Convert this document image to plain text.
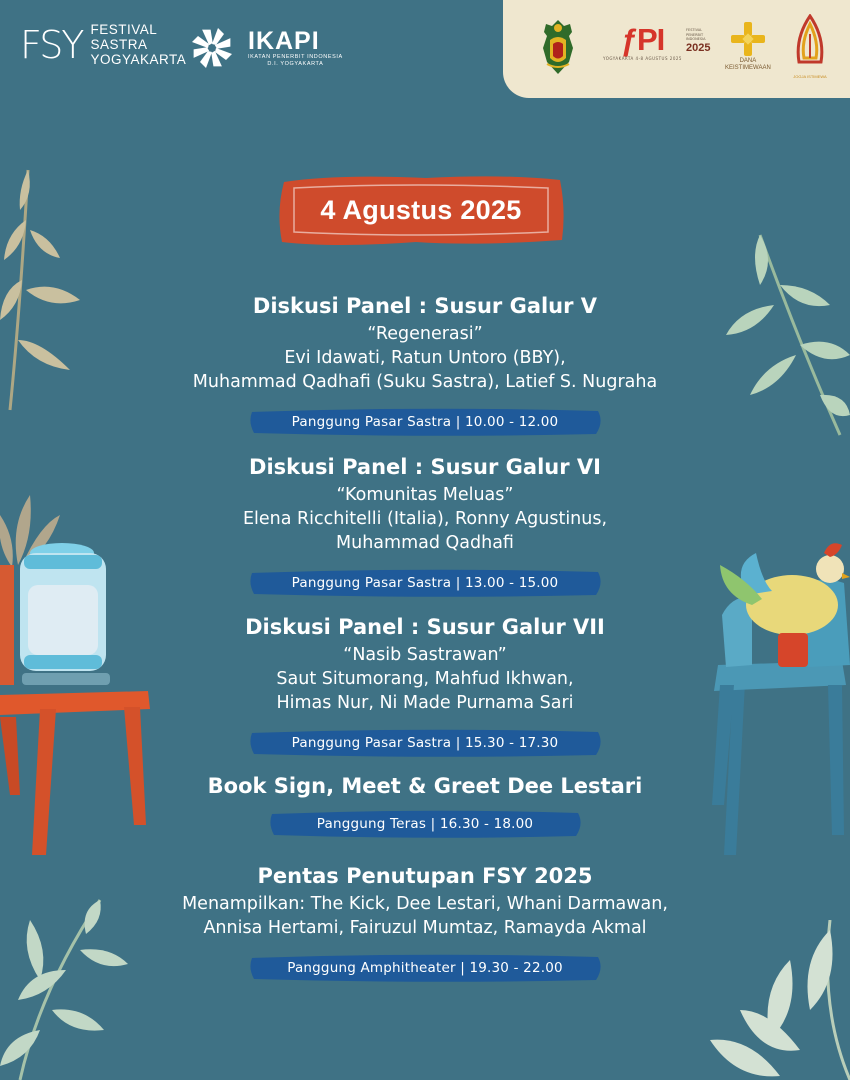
FSY FESTIVAL
SASTRA
YOGYAKARTA
IKAPI
IKATAN PENERBIT INDONESIA
D.I. YOGYAKARTA
ƒPI
YOGYAKARTA 4-8 AGUSTUS 2025
FESTIVAL
PENERBIT
INDONESIA
2025
DANA
KEISTIMEWAAN
JOGJA ISTIMEWA
4 Agustus 2025
Diskusi Panel : Susur Galur V
“Regenerasi”
Evi Idawati, Ratun Untoro (BBY),
Muhammad Qadhafi (Suku Sastra), Latief S. Nugraha
Panggung Pasar Sastra | 10.00 - 12.00
Diskusi Panel : Susur Galur VI
“Komunitas Meluas”
Elena Ricchitelli (Italia), Ronny Agustinus,
Muhammad Qadhafi
Panggung Pasar Sastra | 13.00 - 15.00
Diskusi Panel : Susur Galur VII
“Nasib Sastrawan”
Saut Situmorang, Mahfud Ikhwan,
Himas Nur, Ni Made Purnama Sari
Panggung Pasar Sastra | 15.30 - 17.30
Book Sign, Meet & Greet Dee Lestari
Panggung Teras | 16.30 - 18.00
Pentas Penutupan FSY 2025
Menampilkan: The Kick, Dee Lestari, Whani Darmawan,
Annisa Hertami, Fairuzul Mumtaz, Ramayda Akmal
Panggung Amphitheater | 19.30 - 22.00
